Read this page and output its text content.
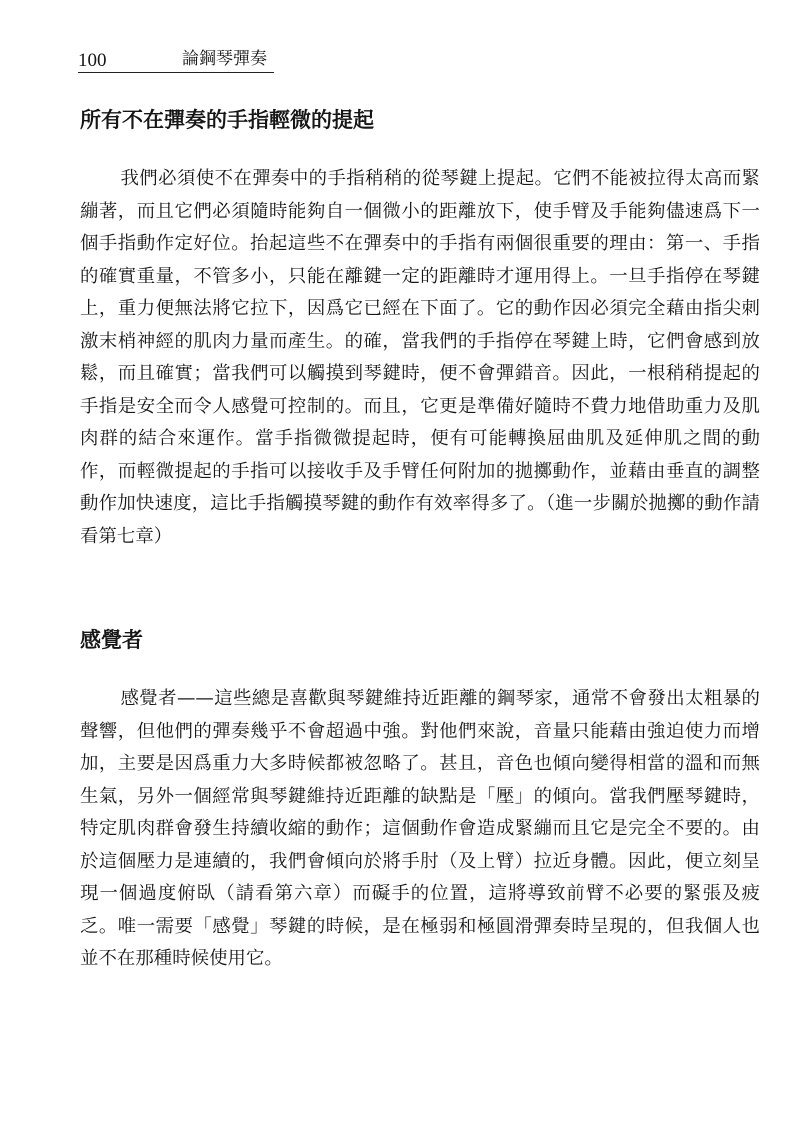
100	論鋼琴彈奏
所有不在彈奏的手指輕微的提起

我們必須使不在彈奏中的手指稍稍的從琴鍵上提起。它們不能被拉得太高而緊繃著，而且它們必須隨時能夠自一個微小的距離放下，使手臂及手能夠儘速爲下一個手指動作定好位。抬起這些不在彈奏中的手指有兩個很重要的理由：第一、手指的確實重量，不管多小，只能在離鍵一定的距離時才運用得上。一旦手指停在琴鍵上，重力便無法將它拉下，因爲它已經在下面了。它的動作因必須完全藉由指尖刺激末梢神經的肌肉力量而產生。的確，當我們的手指停在琴鍵上時，它們會感到放鬆，而且確實；當我們可以觸摸到琴鍵時，便不會彈錯音。因此，一根稍稍提起的手指是安全而令人感覺可控制的。而且，它更是準備好隨時不費力地借助重力及肌肉群的結合來運作。當手指微微提起時，便有可能轉換屈曲肌及延伸肌之間的動作，而輕微提起的手指可以接收手及手臂任何附加的拋擲動作，並藉由垂直的調整動作加快速度，這比手指觸摸琴鍵的動作有效率得多了。（進一步關於拋擲的動作請看第七章）

感覺者

感覺者——這些總是喜歡與琴鍵維持近距離的鋼琴家，通常不會發出太粗暴的聲響，但他們的彈奏幾乎不會超過中強。對他們來說，音量只能藉由強迫使力而增加，主要是因爲重力大多時候都被忽略了。甚且，音色也傾向變得相當的溫和而無生氣，另外一個經常與琴鍵維持近距離的缺點是「壓」的傾向。當我們壓琴鍵時，特定肌肉群會發生持續收縮的動作；這個動作會造成緊繃而且它是完全不要的。由於這個壓力是連續的，我們會傾向於將手肘（及上臂）拉近身體。因此，便立刻呈現一個過度俯臥（請看第六章）而礙手的位置，這將導致前臂不必要的緊張及疲乏。唯一需要「感覺」琴鍵的時候，是在極弱和極圓滑彈奏時呈現的，但我個人也並不在那種時候使用它。
